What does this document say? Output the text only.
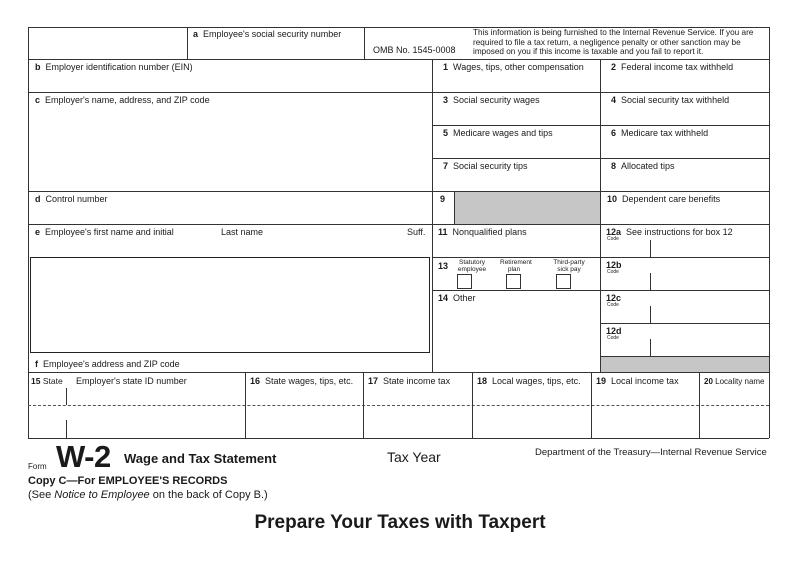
a Employee's social security number
OMB No. 1545-0008
This information is being furnished to the Internal Revenue Service. If you are required to file a tax return, a negligence penalty or other sanction may be imposed on you if this income is taxable and you fail to report it.
b Employer identification number (EIN)
c Employer's name, address, and ZIP code
d Control number
e Employee's first name and initial	Last name	Suff.
f Employee's address and ZIP code
1 Wages, tips, other compensation	2 Federal income tax withheld
3 Social security wages	4 Social security tax withheld
5 Medicare wages and tips	6 Medicare tax withheld
7 Social security tips	8 Allocated tips
9	10 Dependent care benefits
11 Nonqualified plans	12a See instructions for box 12
12b
12c
12d
Code
Code
Code
Code
13	Statutory employee
Retirement plan
Third-party sick pay
14 Other
15 State Employer's state ID number	16 State wages, tips, etc. 17 State income tax	18 Local wages, tips, etc. 19 Local income tax	20 Locality name
Form W-2 Wage and Tax Statement	Tax Year	Department of the Treasury—Internal Revenue Service
Copy C—For EMPLOYEE'S RECORDS
(See Notice to Employee on the back of Copy B.)
Prepare Your Taxes with Taxpert
